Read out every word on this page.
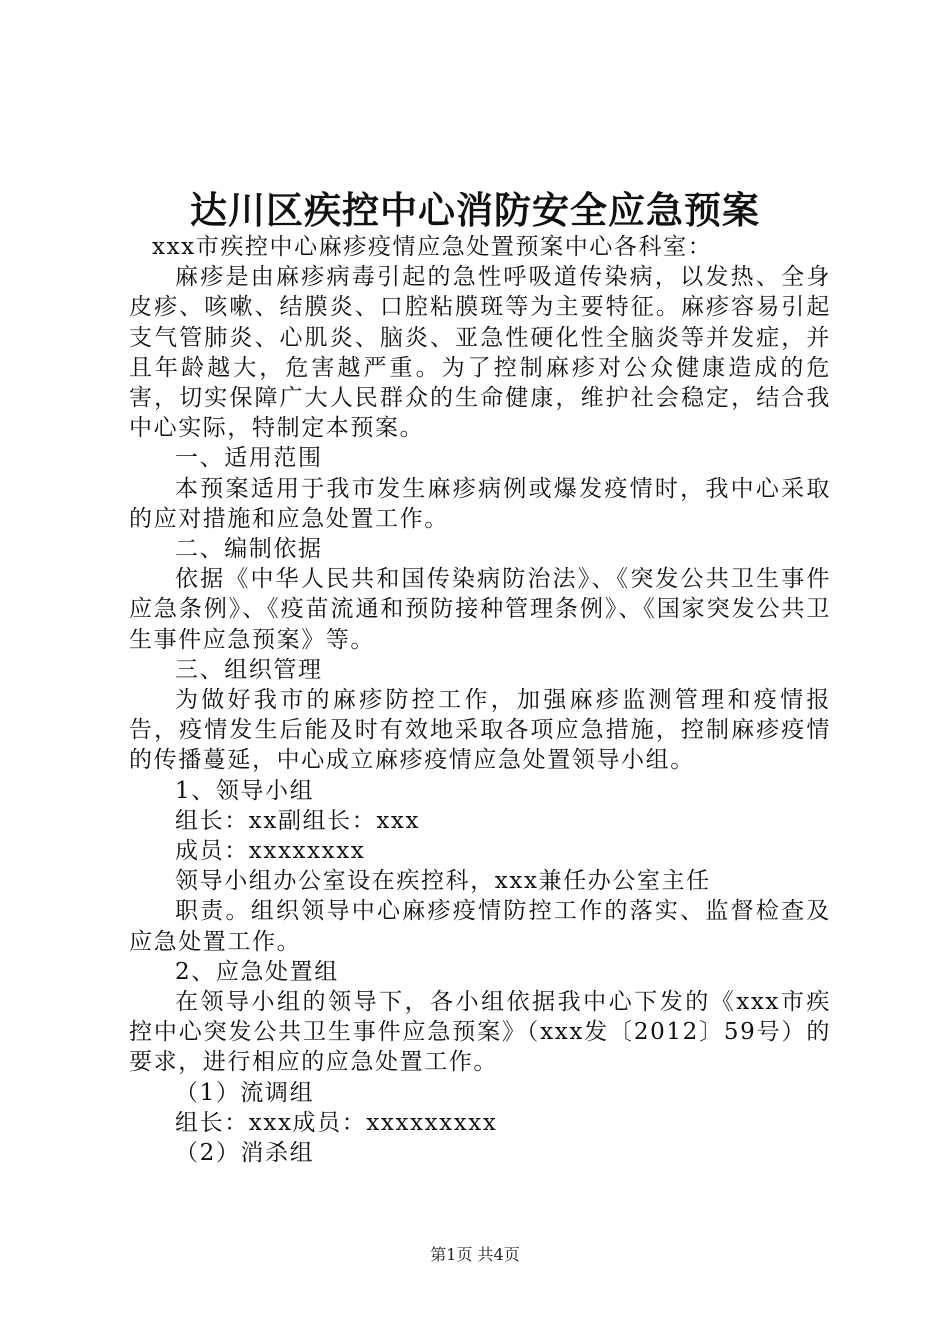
达川区疾控中心消防安全应急预案

xxx市疾控中心麻疹疫情应急处置预案中心各科室：

麻疹是由麻疹病毒引起的急性呼吸道传染病，以发热、全身皮疹、咳嗽、结膜炎、口腔粘膜斑等为主要特征。麻疹容易引起支气管肺炎、心肌炎、脑炎、亚急性硬化性全脑炎等并发症，并且年龄越大，危害越严重。为了控制麻疹对公众健康造成的危害，切实保障广大人民群众的生命健康，维护社会稳定，结合我中心实际，特制定本预案。

一、适用范围

本预案适用于我市发生麻疹病例或爆发疫情时，我中心采取的应对措施和应急处置工作。

二、编制依据

依据《中华人民共和国传染病防治法》、《突发公共卫生事件应急条例》、《疫苗流通和预防接种管理条例》、《国家突发公共卫生事件应急预案》等。

三、组织管理

为做好我市的麻疹防控工作，加强麻疹监测管理和疫情报告，疫情发生后能及时有效地采取各项应急措施，控制麻疹疫情的传播蔓延，中心成立麻疹疫情应急处置领导小组。

1、领导小组

组长：xx副组长：xxx

成员：xxxxxxxx

领导小组办公室设在疾控科，xxx兼任办公室主任

职责。组织领导中心麻疹疫情防控工作的落实、监督检查及应急处置工作。

2、应急处置组

在领导小组的领导下，各小组依据我中心下发的《xxx市疾控中心突发公共卫生事件应急预案》（xxx发〔2012〕59号）的要求，进行相应的应急处置工作。

（1）流调组

组长：xxx成员：xxxxxxxxx

（2）消杀组

第1页 共4页
